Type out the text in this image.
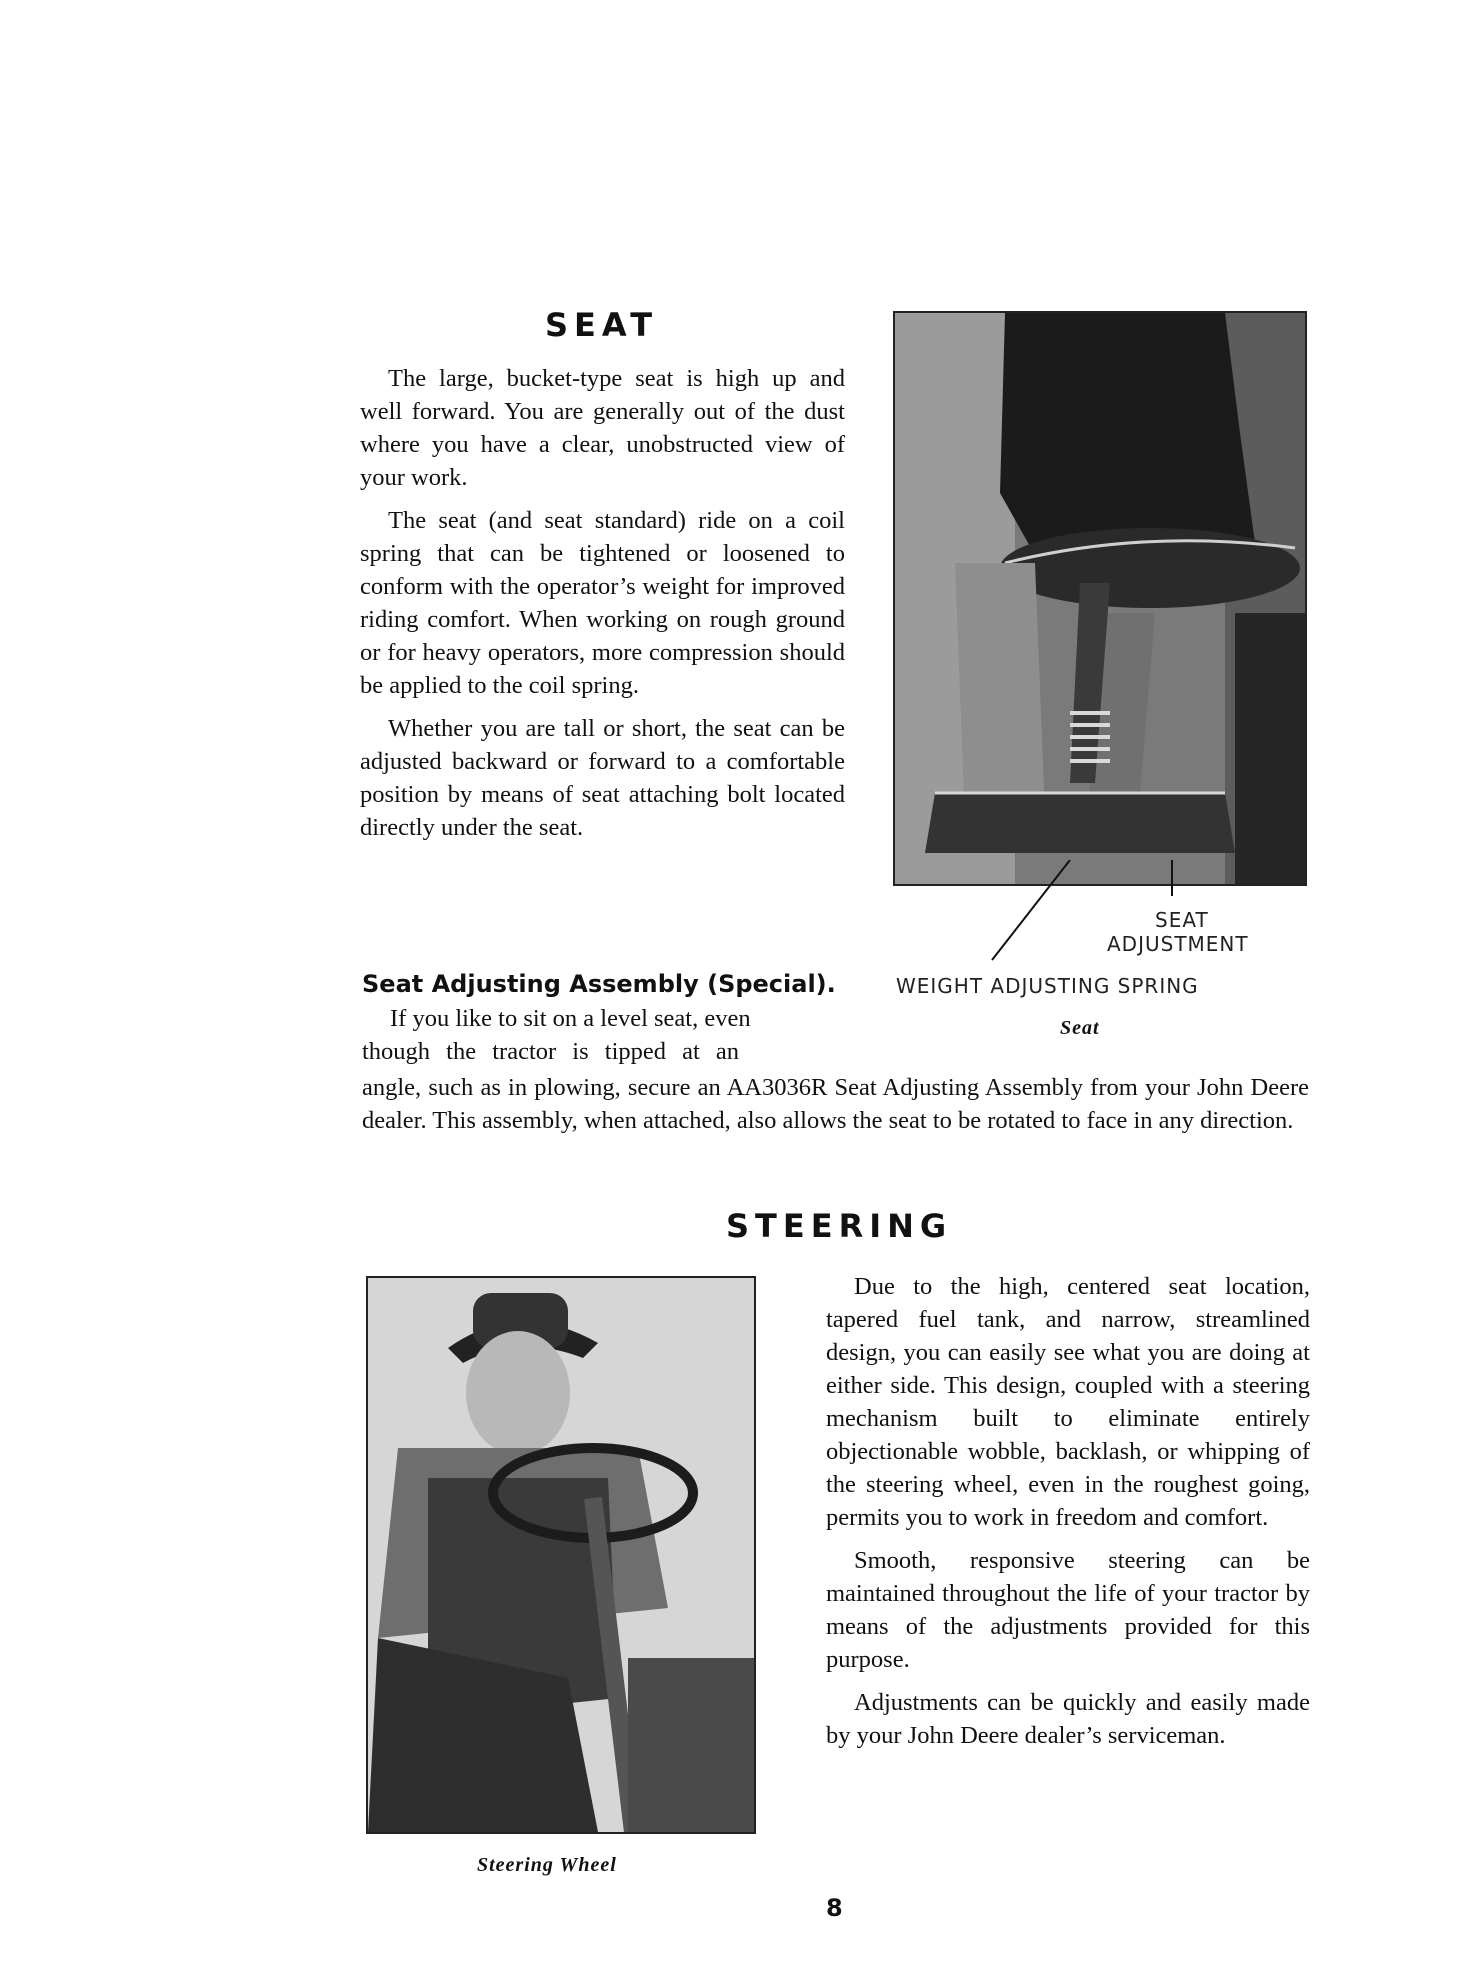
SEAT

The large, bucket-type seat is high up and well forward. You are generally out of the dust where you have a clear, unobstructed view of your work.

The seat (and seat standard) ride on a coil spring that can be tightened or loosened to conform with the operator’s weight for improved riding comfort. When working on rough ground or for heavy operators, more compression should be applied to the coil spring.

Whether you are tall or short, the seat can be adjusted backward or forward to a comfortable position by means of seat attaching bolt located directly under the seat.

Seat Adjusting Assembly (Special).

If you like to sit on a level seat, even

though the tractor is tipped at an

angle, such as in plowing, secure an AA3036R Seat Adjusting Assembly from your John Deere dealer. This assembly, when attached, also allows the seat to be rotated to face in any direction.

SEAT

ADJUSTMENT

WEIGHT ADJUSTING SPRING

Seat

STEERING

Steering Wheel

Due to the high, centered seat location, tapered fuel tank, and narrow, streamlined design, you can easily see what you are doing at either side. This design, coupled with a steering mechanism built to eliminate entirely objectionable wobble, backlash, or whipping of the steering wheel, even in the roughest going, permits you to work in freedom and comfort.

Smooth, responsive steering can be maintained throughout the life of your tractor by means of the adjustments provided for this purpose.

Adjustments can be quickly and easily made by your John Deere dealer’s serviceman.

8
